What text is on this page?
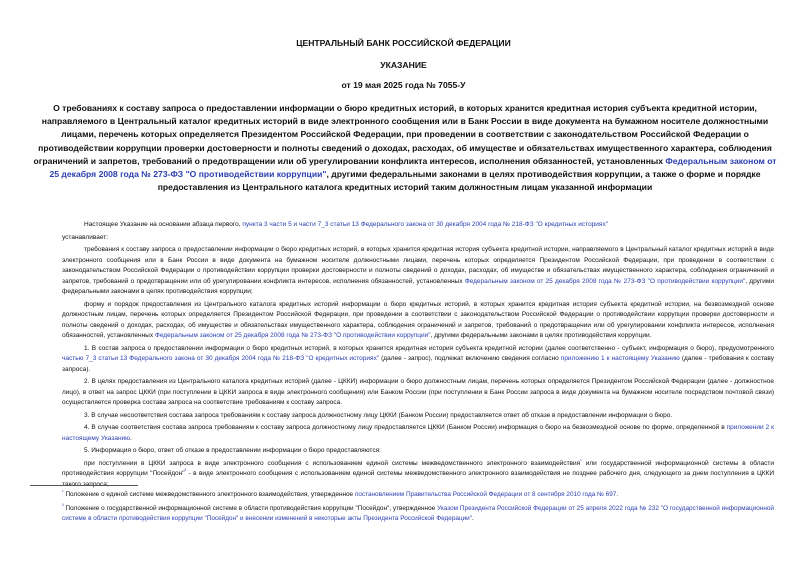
ЦЕНТРАЛЬНЫЙ БАНК РОССИЙСКОЙ ФЕДЕРАЦИИ
УКАЗАНИЕ
от 19 мая 2025 года № 7055-У
О требованиях к составу запроса о предоставлении информации о бюро кредитных историй, в которых хранится кредитная история субъекта кредитной истории, направляемого в Центральный каталог кредитных историй в виде электронного сообщения или в Банк России в виде документа на бумажном носителе должностными лицами, перечень которых определяется Президентом Российской Федерации, при проведении в соответствии с законодательством Российской Федерации о противодействии коррупции проверки достоверности и полноты сведений о доходах, расходах, об имуществе и обязательствах имущественного характера, соблюдения ограничений и запретов, требований о предотвращении или об урегулировании конфликта интересов, исполнения обязанностей, установленных Федеральным законом от 25 декабря 2008 года № 273-ФЗ "О противодействии коррупции", другими федеральными законами в целях противодействия коррупции, а также о форме и порядке предоставления из Центрального каталога кредитных историй таким должностным лицам указанной информации

Настоящее Указание на основании абзаца первого, пункта 3 части 5 и части 7_3 статьи 13 Федерального закона от 30 декабря 2004 года № 218-ФЗ "О кредитных историях"

устанавливает:

требования к составу запроса о предоставлении информации о бюро кредитных историй, в которых хранится кредитная история субъекта кредитной истории, направляемого в Центральный каталог кредитных историй в виде электронного сообщения или в Банк России в виде документа на бумажном носителе должностными лицами, перечень которых определяется Президентом Российской Федерации, при проведении в соответствии с законодательством Российской Федерации о противодействии коррупции проверки достоверности и полноты сведений о доходах, расходах, об имуществе и обязательствах имущественного характера, соблюдения ограничений и запретов, требований о предотвращении или об урегулировании конфликта интересов, исполнения обязанностей, установленных Федеральным законом от 25 декабря 2008 года № 273-ФЗ "О противодействии коррупции", другими федеральными законами в целях противодействия коррупции;

форму и порядок предоставления из Центрального каталога кредитных историй информации о бюро кредитных историй, в которых хранится кредитная история субъекта кредитной истории, на безвозмездной основе должностным лицам, перечень которых определяется Президентом Российской Федерации, при проведении в соответствии с законодательством Российской Федерации о противодействии коррупции проверки достоверности и полноты сведений о доходах, расходах, об имуществе и обязательствах имущественного характера, соблюдения ограничений и запретов, требований о предотвращении или об урегулировании конфликта интересов, исполнения обязанностей, установленных Федеральным законом от 25 декабря 2008 года № 273-ФЗ "О противодействии коррупции", другими федеральными законами в целях противодействия коррупции.

1. В состав запроса о предоставлении информации о бюро кредитных историй, в которых хранится кредитная история субъекта кредитной истории (далее соответственно - субъект, информация о бюро), предусмотренного частью 7_3 статьи 13 Федерального закона от 30 декабря 2004 года № 218-ФЗ "О кредитных историях" (далее - запрос), подлежат включению сведения согласно приложению 1 к настоящему Указанию (далее - требования к составу запроса).

2. В целях предоставления из Центрального каталога кредитных историй (далее - ЦККИ) информации о бюро должностным лицам, перечень которых определяется Президентом Российской Федерации (далее - должностное лицо), в ответ на запрос ЦККИ (при поступлении в ЦККИ запроса в виде электронного сообщения) или Банком России (при поступлении в Банк России запроса в виде документа на бумажном носителе посредством почтовой связи) осуществляется проверка состава запроса на соответствие требованиям к составу запроса.

3. В случае несоответствия состава запроса требованиям к составу запроса должностному лицу ЦККИ (Банком России) предоставляется ответ об отказе в предоставлении информации о бюро.

4. В случае соответствия состава запроса требованиям к составу запроса должностному лицу предоставляется ЦККИ (Банком России) информация о бюро на безвозмездной основе по форме, определенной в приложении 2 к настоящему Указанию.

5. Информация о бюро, ответ об отказе в предоставлении информации о бюро предоставляются:

при поступлении в ЦККИ запроса в виде электронного сообщения с использованием единой системы межведомственного электронного взаимодействия$^{^1}$ или государственной информационной системы в области противодействия коррупции "Посейдон"$^{^2}$ - в виде электронного сообщения с использованием единой системы межведомственного электронного взаимодействия не позднее рабочего дня, следующего за днем поступления в ЦККИ такого запроса;

$^{^1}$ Положение о единой системе межведомственного электронного взаимодействия, утвержденное постановлением Правительства Российской Федерации от 8 сентября 2010 года № 697.
$^{^2}$ Положение о государственной информационной системе в области противодействия коррупции "Посейдон", утвержденное Указом Президента Российской Федерации от 25 апреля 2022 года № 232 "О государственной информационной системе в области противодействия коррупции "Посейдон" и внесении изменений в некоторые акты Президента Российской Федерации".
